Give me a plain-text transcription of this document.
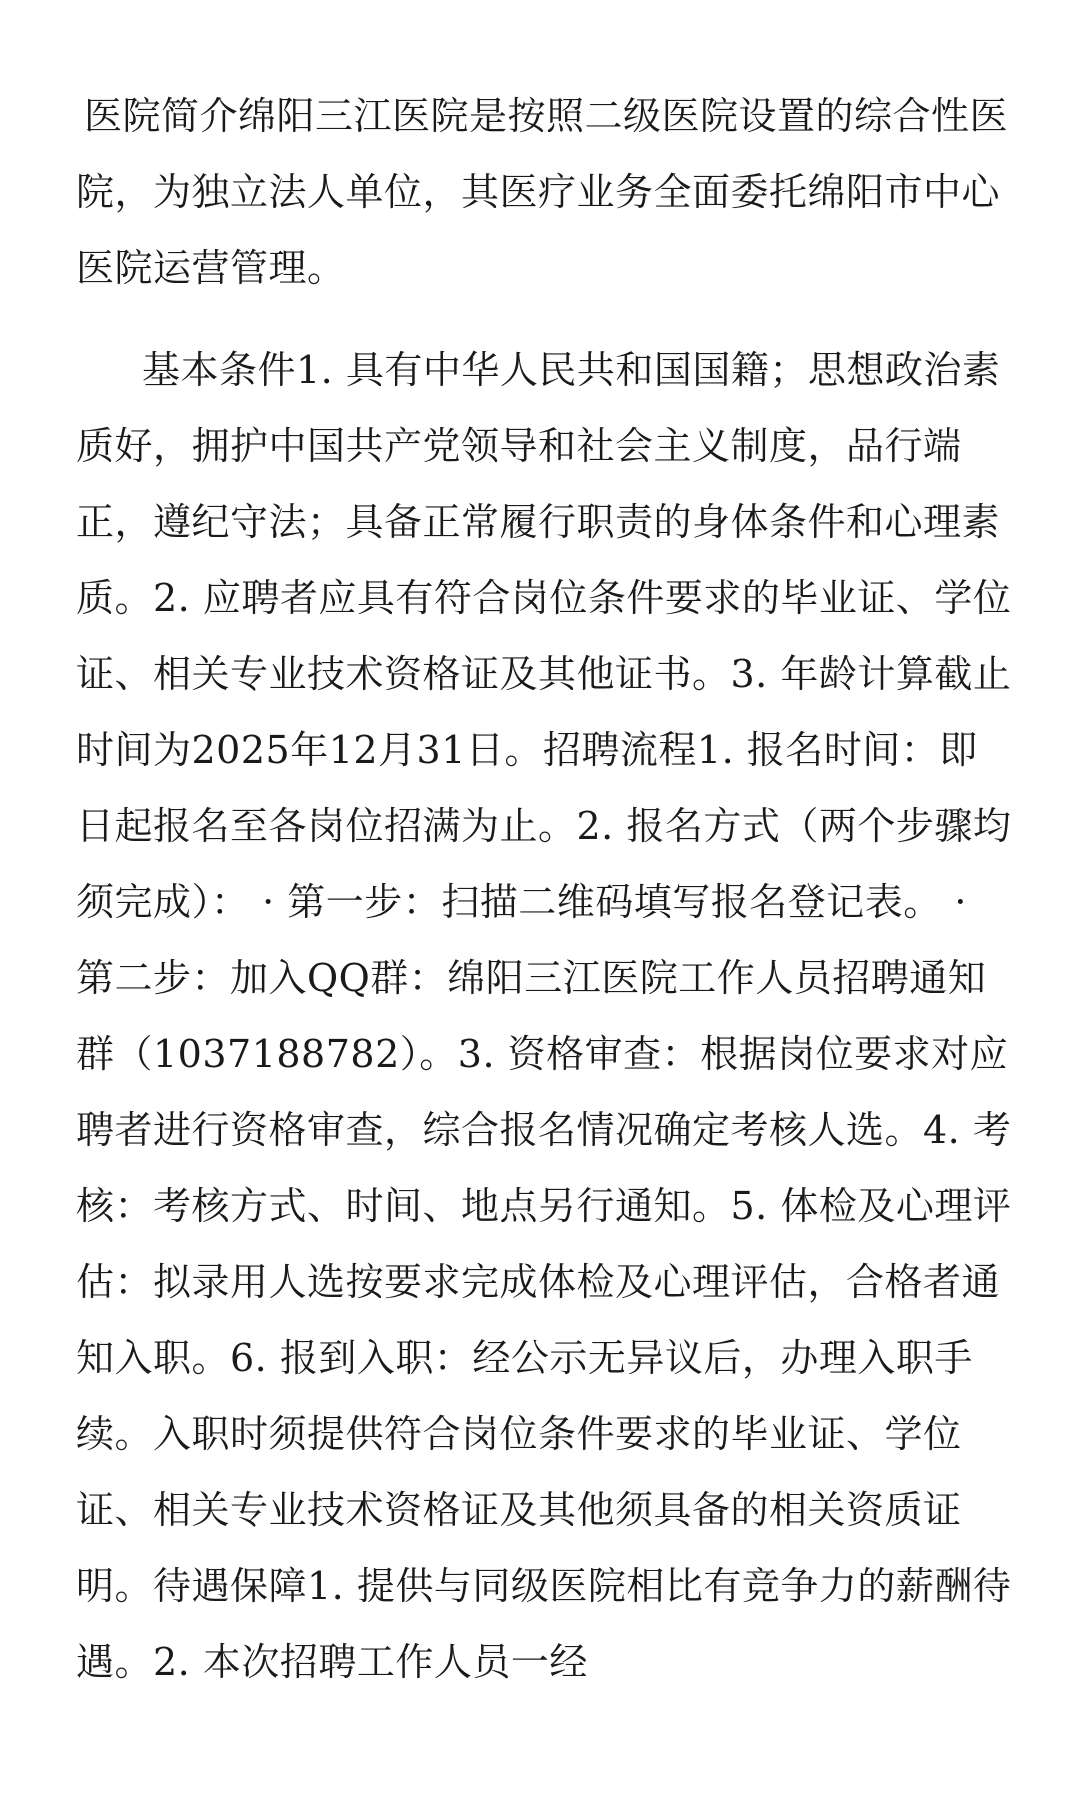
医院简介绵阳三江医院是按照二级医院设置的综合性医院，为独立法人单位，其医疗业务全面委托绵阳市中心医院运营管理。

基本条件1. 具有中华人民共和国国籍；思想政治素质好，拥护中国共产党领导和社会主义制度，品行端正，遵纪守法；具备正常履行职责的身体条件和心理素质。2. 应聘者应具有符合岗位条件要求的毕业证、学位证、相关专业技术资格证及其他证书。3. 年龄计算截止时间为2025年12月31日。招聘流程1. 报名时间：即日起报名至各岗位招满为止。2. 报名方式（两个步骤均须完成）： · 第一步：扫描二维码填写报名登记表。 · 第二步：加入QQ群：绵阳三江医院工作人员招聘通知群（1037188782）。3. 资格审查：根据岗位要求对应聘者进行资格审查，综合报名情况确定考核人选。4. 考核：考核方式、时间、地点另行通知。5. 体检及心理评估：拟录用人选按要求完成体检及心理评估，合格者通知入职。6. 报到入职：经公示无异议后，办理入职手续。入职时须提供符合岗位条件要求的毕业证、学位证、相关专业技术资格证及其他须具备的相关资质证明。待遇保障1. 提供与同级医院相比有竞争力的薪酬待遇。2. 本次招聘工作人员一经
